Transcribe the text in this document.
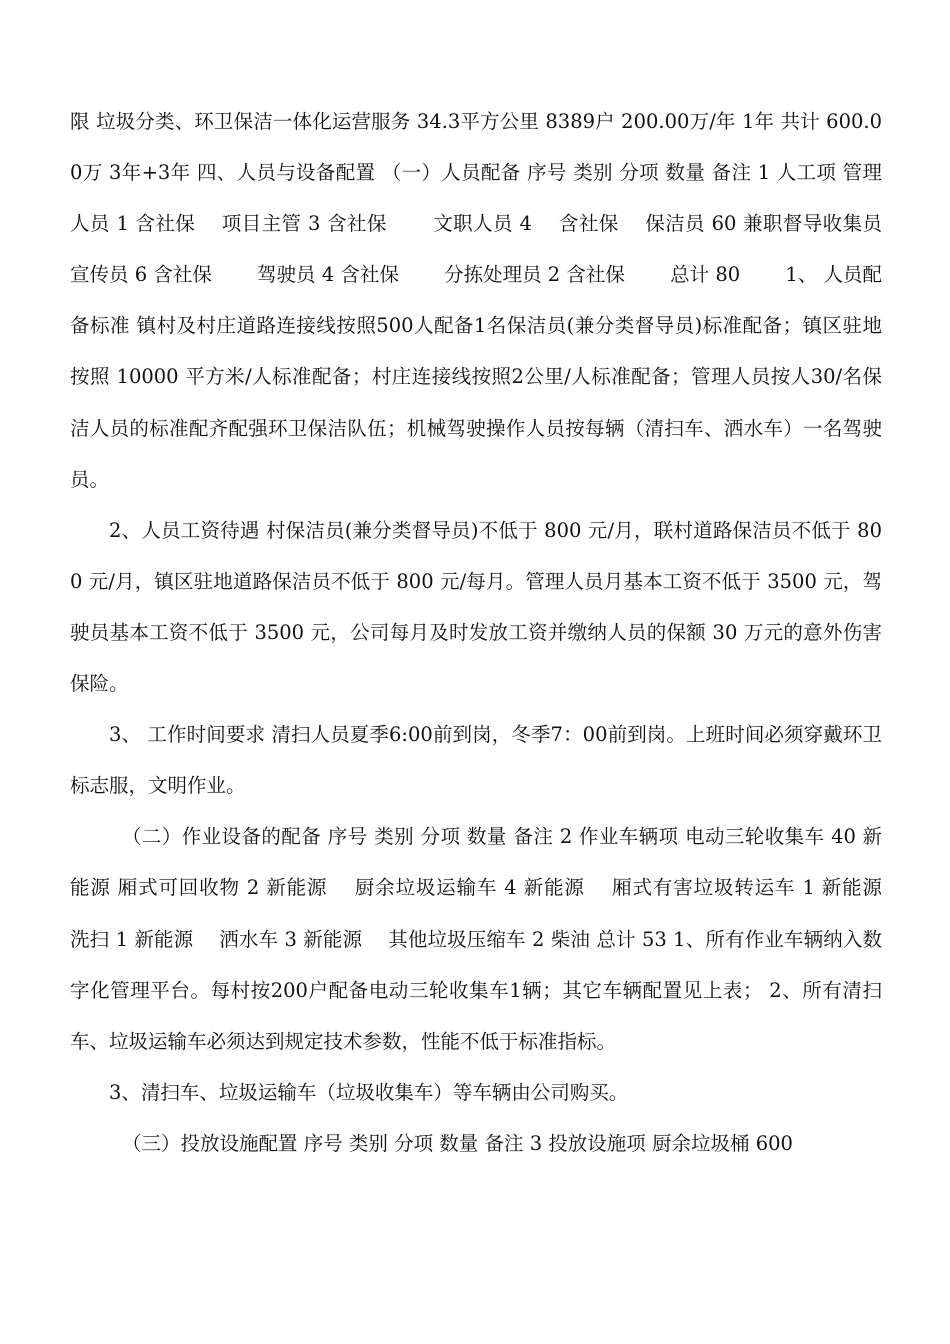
限 垃圾分类、环卫保洁一体化运营服务 34.3平方公里 8389户 200.00万/年 1年 共计 600.00万 3年+3年 四、人员与设备配置 （一）人员配备 序号 类别 分项 数量 备注 1 人工项 管理人员 1 含社保　 项目主管 3 含社保　　 文职人员 4　 含社保　 保洁员 60 兼职督导收集员 宣传员 6 含社保　　 驾驶员 4 含社保　　 分拣处理员 2 含社保　　 总计 80　　 1、 人员配备标准 镇村及村庄道路连接线按照500人配备1名保洁员(兼分类督导员)标准配备；镇区驻地按照 10000 平方米/人标准配备；村庄连接线按照2公里/人标准配备；管理人员按人30/名保洁人员的标准配齐配强环卫保洁队伍；机械驾驶操作人员按每辆（清扫车、洒水车）一名驾驶员。

2、人员工资待遇 村保洁员(兼分类督导员)不低于 800 元/月，联村道路保洁员不低于 800 元/月，镇区驻地道路保洁员不低于 800 元/每月。管理人员月基本工资不低于 3500 元，驾驶员基本工资不低于 3500 元，公司每月及时发放工资并缴纳人员的保额 30 万元的意外伤害保险。

3、 工作时间要求 清扫人员夏季6:00前到岗，冬季7：00前到岗。上班时间必须穿戴环卫标志服，文明作业。

（二）作业设备的配备 序号 类别 分项 数量 备注 2 作业车辆项 电动三轮收集车 40 新能源 厢式可回收物 2 新能源　 厨余垃圾运输车 4 新能源　 厢式有害垃圾转运车 1 新能源　 洗扫 1 新能源　 洒水车 3 新能源　 其他垃圾压缩车 2 柴油 总计 53 1、所有作业车辆纳入数字化管理平台。每村按200户配备电动三轮收集车1辆；其它车辆配置见上表； 2、所有清扫车、垃圾运输车必须达到规定技术参数，性能不低于标准指标。

3、清扫车、垃圾运输车（垃圾收集车）等车辆由公司购买。

（三）投放设施配置 序号 类别 分项 数量 备注 3 投放设施项 厨余垃圾桶 600
